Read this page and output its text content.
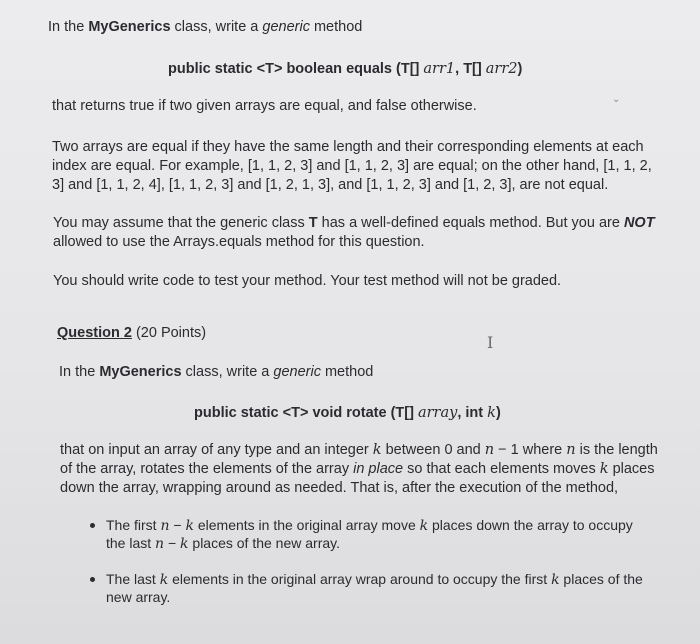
In the MyGenerics class, write a generic method
public static <T> boolean equals (T[] arr1, T[] arr2)
that returns true if two given arrays are equal, and false otherwise.	⌄
Two arrays are equal if they have the same length and their corresponding elements at each
index are equal. For example, [1, 1, 2, 3] and [1, 1, 2, 3] are equal; on the other hand, [1, 1, 2,
3] and [1, 1, 2, 4], [1, 1, 2, 3] and [1, 2, 1, 3], and [1, 1, 2, 3] and [1, 2, 3], are not equal.
You may assume that the generic class T has a well-defined equals method. But you are NOT
allowed to use the Arrays.equals method for this question.
You should write code to test your method. Your test method will not be graded.
Question 2 (20 Points)	I
In the MyGenerics class, write a generic method
public static <T> void rotate (T[] array, int k)
that on input an array of any type and an integer k between 0 and n − 1 where n is the length
of the array, rotates the elements of the array in place so that each elements moves k places
down the array, wrapping around as needed. That is, after the execution of the method,
The first n − k elements in the original array move k places down the array to occupy
the last n − k places of the new array.
The last k elements in the original array wrap around to occupy the first k places of the
new array.
